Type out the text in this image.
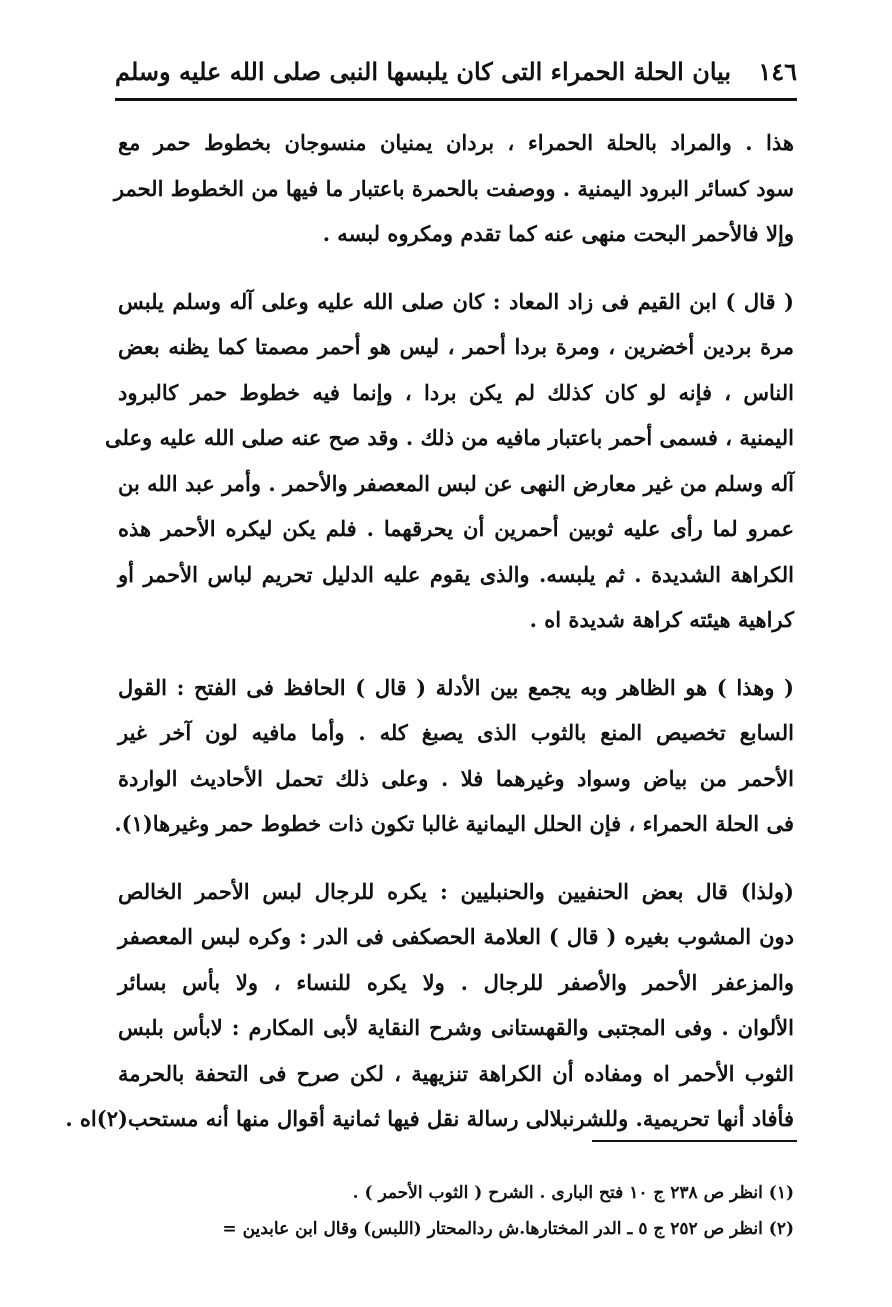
١٤٦
بيان الحلة الحمراء التى كان يلبسها النبى صلى الله عليه وسلم

هذا . والمراد بالحلة الحمراء ، بردان يمنيان منسوجان بخطوط حمر مع
سود كسائر البرود اليمنية . ووصفت بالحمرة باعتبار ما فيها من الخطوط الحمر
وإلا فالأحمر البحت منهى عنه كما تقدم ومكروه لبسه .

( قال ) ابن القيم فى زاد المعاد : كان صلى الله عليه وعلى آله وسلم يلبس
مرة بردين أخضرين ، ومرة بردا أحمر ، ليس هو أحمر مصمتا كما يظنه بعض
الناس ، فإنه لو كان كذلك لم يكن بردا ، وإنما فيه خطوط حمر كالبرود
اليمنية ، فسمى أحمر باعتبار مافيه من ذلك . وقد صح عنه صلى الله عليه وعلى
آله وسلم من غير معارض النهى عن لبس المعصفر والأحمر . وأمر عبد الله بن
عمرو لما رأى عليه ثوبين أحمرين أن يحرقهما . فلم يكن ليكره الأحمر هذه
الكراهة الشديدة . ثم يلبسه. والذى يقوم عليه الدليل تحريم لباس الأحمر أو
كراهية هيئته كراهة شديدة اه .

( وهذا ) هو الظاهر وبه يجمع بين الأدلة ( قال ) الحافظ فى الفتح : القول
السابع تخصيص المنع بالثوب الذى يصبغ كله . وأما مافيه لون آخر غير
الأحمر من بياض وسواد وغيرهما فلا . وعلى ذلك تحمل الأحاديث الواردة
فى الحلة الحمراء ، فإن الحلل اليمانية غالبا تكون ذات خطوط حمر وغيرها(١).

(ولذا) قال بعض الحنفيين والحنبليين : يكره للرجال لبس الأحمر الخالص
دون المشوب بغيره ( قال ) العلامة الحصكفى فى الدر : وكره لبس المعصفر
والمزعفر الأحمر والأصفر للرجال . ولا يكره للنساء ، ولا بأس بسائر
الألوان . وفى المجتبى والقهستانى وشرح النقاية لأبى المكارم : لابأس بلبس
الثوب الأحمر اه ومفاده أن الكراهة تنزيهية ، لكن صرح فى التحفة بالحرمة
فأفاد أنها تحريمية. وللشرنبلالى رسالة نقل فيها ثمانية أقوال منها أنه مستحب(٢)اه .

(١) انظر ص ٢٣٨ ج ١٠ فتح البارى . الشرح ( الثوب الأحمر ) .
(٢) انظر ص ٢٥٢ ج ٥ ـ الدر المختارها.ش ردالمحتار (اللبس) وقال ابن عابدين =
